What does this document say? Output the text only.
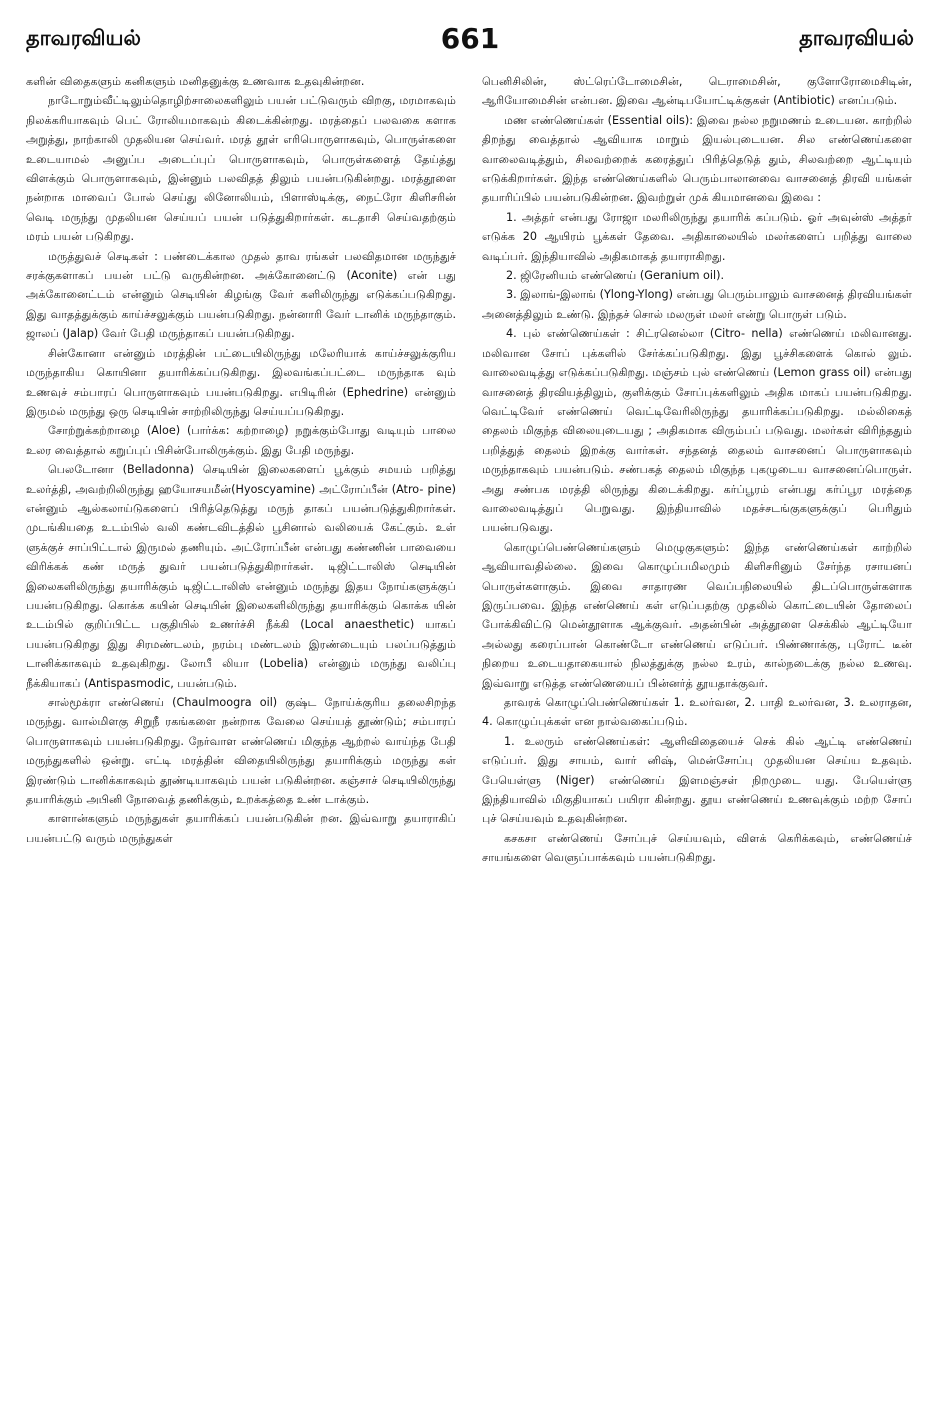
தாவரவியல்	661	தாவரவியல்

களின் விதைகளும் கனிகளும் மனிதனுக்கு உணவாக உதவுகின்றன.

நாடோறும்வீட்டிலும்தொழிற்சாலைகளிலும் பயன் பட்டுவரும் விறகு, மரமாகவும் நிலக்கரியாகவும் பெட் ரோலியமாகவும் கிடைக்கின்றது. மரத்தைப் பலவகை களாக அறுத்து, நாற்காலி முதலியன செய்வர். மரத் தூள் எரிபொருளாகவும், பொருள்களை உடையாமல் அனுப்ப அடைப்புப் பொருளாகவும், பொருள்களைத் தேய்த்து விளக்கும் பொருளாகவும், இன்னும் பலவிதத் திலும் பயன்படுகின்றது. மரத்தூளை நன்றாக மாவைப் போல் செய்து லினோலியம், பிளாஸ்டிக்கு, நைட்ரோ கிளிசரின் வெடி மருந்து முதலியன செய்யப் பயன் படுத்துகிறார்கள். கடதாசி செய்வதற்கும் மரம் பயன் படுகிறது.

மருத்துவச் செடிகள் : பண்டைக்கால முதல் தாவ ரங்கள் பலவிதமான மருந்துச் சரக்குகளாகப் பயன் பட்டு வருகின்றன. அக்கோனைட்டு (Aconite) என் பது அக்கோனைட்டம் என்னும் செடியின் கிழங்கு வேர் களிலிருந்து எடுக்கப்படுகிறது. இது வாதத்துக்கும் காய்ச்சலுக்கும் பயன்படுகிறது. நன்னாரி வேர் டானிக் மருந்தாகும். ஜாலப் (Jalap) வேர் பேதி மருந்தாகப் பயன்படுகிறது.

சின்கோனா என்னும் மரத்தின் பட்டையிலிருந்து மலேரியாக் காய்ச்சலுக்குரிய மருந்தாகிய கொயினா தயாரிக்கப்படுகிறது. இலவங்கப்பட்டை மருந்தாக வும் உணவுச் சம்பாரப் பொருளாகவும் பயன்படுகிறது. எபிடிரின் (Ephedrine) என்னும் இருமல் மருந்து ஒரு செடியின் சாற்றிலிருந்து செய்யப்படுகிறது.

சோற்றுக்கற்றாழை (Aloe) (பார்க்க: கற்றாழை) நறுக்கும்போது வடியும் பாலை உலர வைத்தால் கறுப்புப் பிசின்போலிருக்கும். இது பேதி மருந்து.

பெலடோனா (Belladonna) செடியின் இலைகளைப் பூக்கும் சமயம் பறித்து உலர்த்தி, அவற்றிலிருந்து ஹயோசயமீன்(Hyoscyamine) அட்ரோப்பீன் (Atro- pine) என்னும் ஆல்கலாய்டுகளைப் பிரித்தெடுத்து மருந் தாகப் பயன்படுத்துகிறார்கள். முடங்கியதை உடம்பில் வலி கண்டவிடத்தில் பூசினால் வலியைக் கேட்கும். உள் ளுக்குச் சாப்பிட்டால் இருமல் தணியும். அட்ரோப்பீன் என்பது கண்ணின் பாவையை விரிக்கக் கண் மருத் துவர் பயன்படுத்துகிறார்கள். டிஜிட்டாலிஸ் செடியின் இலைகளிலிருந்து தயாரிக்கும் டிஜிட்டாலிஸ் என்னும் மருந்து இதய நோய்களுக்குப் பயன்படுகிறது. கொக்க கயின் செடியின் இலைகளிலிருந்து தயாரிக்கும் கொக்க யின் உடம்பில் குறிப்பிட்ட பகுதியில் உணர்ச்சி நீக்கி (Local anaesthetic) யாகப் பயன்படுகிறது இது சிரமண்டலம், நரம்பு மண்டலம் இரண்டையும் பலப்படுத்தும் டானிக்காகவும் உதவுகிறது. லோபீ லியா (Lobelia) என்னும் மருந்து வலிப்பு நீக்கியாகப் (Antispasmodic, பயன்படும்.

சால்மூக்ரா எண்ணெய் (Chaulmoogra oil) குஷ்ட நோய்க்குரிய தலைசிறந்த மருந்து. வால்மிளகு சிறுநீ ரகங்களை நன்றாக வேலை செய்யத் தூண்டும்; சம்பாரப் பொருளாகவும் பயன்படுகிறது. நேர்வாள எண்ணெய் மிகுந்த ஆற்றல் வாய்ந்த பேதி மருந்துகளில் ஒன்று. எட்டி மரத்தின் விதையிலிருந்து தயாரிக்கும் மருந்து கள் இரண்டும் டானிக்காகவும் தூண்டியாகவும் பயன் படுகின்றன. கஞ்சாச் செடியிலிருந்து தயாரிக்கும் அபினி நோவைத் தணிக்கும், உறக்கத்தை உண் டாக்கும்.

காளான்களும் மருந்துகள் தயாரிக்கப் பயன்படுகின் றன. இவ்வாறு தயாராகிப் பயன்பட்டு வரும் மருந்துகள்

பெனிசிலின், ஸ்ட்ரெப்டோமைசின், டெராமைசின், குளோரோமைசிடின், ஆரியோமைசின் என்பன. இவை ஆன்டிபயோட்டிக்குகள் (Antibiotic) எனப்படும்.

மண எண்ணெய்கள் (Essential oils): இவை நல்ல நறுமணம் உடையன. காற்றில் திறந்து வைத்தால் ஆவியாக மாறும் இயல்புடையன. சில எண்ணெய்களை வாலைவடித்தும், சிலவற்றைக் கரைத்துப் பிரித்தெடுத் தும், சிலவற்றை ஆட்டியும் எடுக்கிறார்கள். இந்த எண்ணெய்களில் பெரும்பாலானவை வாசனைத் திரவி யங்கள் தயாரிப்பில் பயன்படுகின்றன. இவற்றுள் முக் கியமானவை இவை :

1. அத்தர் என்பது ரோஜா மலரிலிருந்து தயாரிக் கப்படும். ஓர் அவுன்ஸ் அத்தர் எடுக்க 20 ஆயிரம் பூக்கள் தேவை. அதிகாலையில் மலர்களைப் பறித்து வாலை வடிப்பர். இந்தியாவில் அதிகமாகத் தயாராகிறது.

2. ஜிரேனியம் எண்ணெய் (Geranium oil).

3. இலாங்-இலாங் (Ylong-Ylong) என்பது பெரும்பாலும் வாசனைத் திரவியங்கள் அனைத்திலும் உண்டு. இந்தச் சொல் மலருள் மலர் என்று பொருள் படும்.

4. புல் எண்ணெய்கள் : சிட்ரனெல்லா (Citro- nella) எண்ணெய் மலிவானது. மலிவான சோப் புக்களில் சேர்க்கப்படுகிறது. இது பூச்சிகளைக் கொல் லும். வாலைவடித்து எடுக்கப்படுகிறது. மஞ்சம் புல் எண்ணெய் (Lemon grass oil) என்பது வாசனைத் திரவியத்திலும், குளிக்கும் சோப்புக்களிலும் அதிக மாகப் பயன்படுகிறது. வெட்டிவேர் எண்ணெய் வெட்டிவேரிலிருந்து தயாரிக்கப்படுகிறது. மல்லிகைத் தைலம் மிகுந்த விலையுடையது ; அதிகமாக விரும்பப் படுவது. மலர்கள் விரிந்ததும் பறித்துத் தைலம் இறக்கு வார்கள். சந்தனத் தைலம் வாசனைப் பொருளாகவும் மருந்தாகவும் பயன்படும். சண்பகத் தைலம் மிகுந்த புகழுடைய வாசனைப்பொருள். அது சண்பக மரத்தி லிருந்து கிடைக்கிறது. கர்ப்பூரம் என்பது கர்ப்பூர மரத்தை வாலைவடித்துப் பெறுவது. இந்தியாவில் மதச்சடங்குகளுக்குப் பெரிதும் பயன்படுவது.

கொழுப்பெண்ணெய்களும் மெழுகுகளும்: இந்த எண்ணெய்கள் காற்றில் ஆவியாவதில்லை. இவை கொழுப்பமிலமும் கிளிசரினும் சேர்ந்த ரசாயனப் பொருள்களாகும். இவை சாதாரண வெப்பநிலையில் திடப்பொருள்களாக இருப்பவை. இந்த எண்ணெய் கள் எடுப்பதற்கு முதலில் கொட்டையின் தோலைப் போக்கிவிட்டு மென்தூளாக ஆக்குவர். அதன்பின் அத்தூளை செக்கில் ஆட்டியோ அல்லது கரைப்பான் கொண்டோ எண்ணெய் எடுப்பர். பிண்ணாக்கு, புரோட் டீன் நிறைய உடையதாகையால் நிலத்துக்கு நல்ல உரம், கால்நடைக்கு நல்ல உணவு. இவ்வாறு எடுத்த எண்ணெயைப் பின்னர்த் தூயதாக்குவர்.

தாவரக் கொழுப்பெண்ணெய்கள் 1. உலர்வன, 2. பாதி உலர்வன, 3. உலராதன, 4. கொழுப்புக்கள் என நால்வகைப்படும்.

1. உலரும் எண்ணெய்கள்: ஆளிவிதையைச் செக் கில் ஆட்டி எண்ணெய் எடுப்பர். இது சாயம், வார் னிஷ், மென்சோப்பு முதலியன செய்ய உதவும். பேயெள்ளு (Niger) எண்ணெய் இளமஞ்சள் நிறமுடை யது. பேயெள்ளு இந்தியாவில் மிகுதியாகப் பயிரா கின்றது. தூய எண்ணெய் உணவுக்கும் மற்ற சோப் புச் செய்யவும் உதவுகின்றன.

கசகசா எண்ணெய் சோப்புச் செய்யவும், விளக் கெரிக்கவும், எண்ணெய்ச் சாயங்களை வெளுப்பாக்கவும் பயன்படுகிறது.
